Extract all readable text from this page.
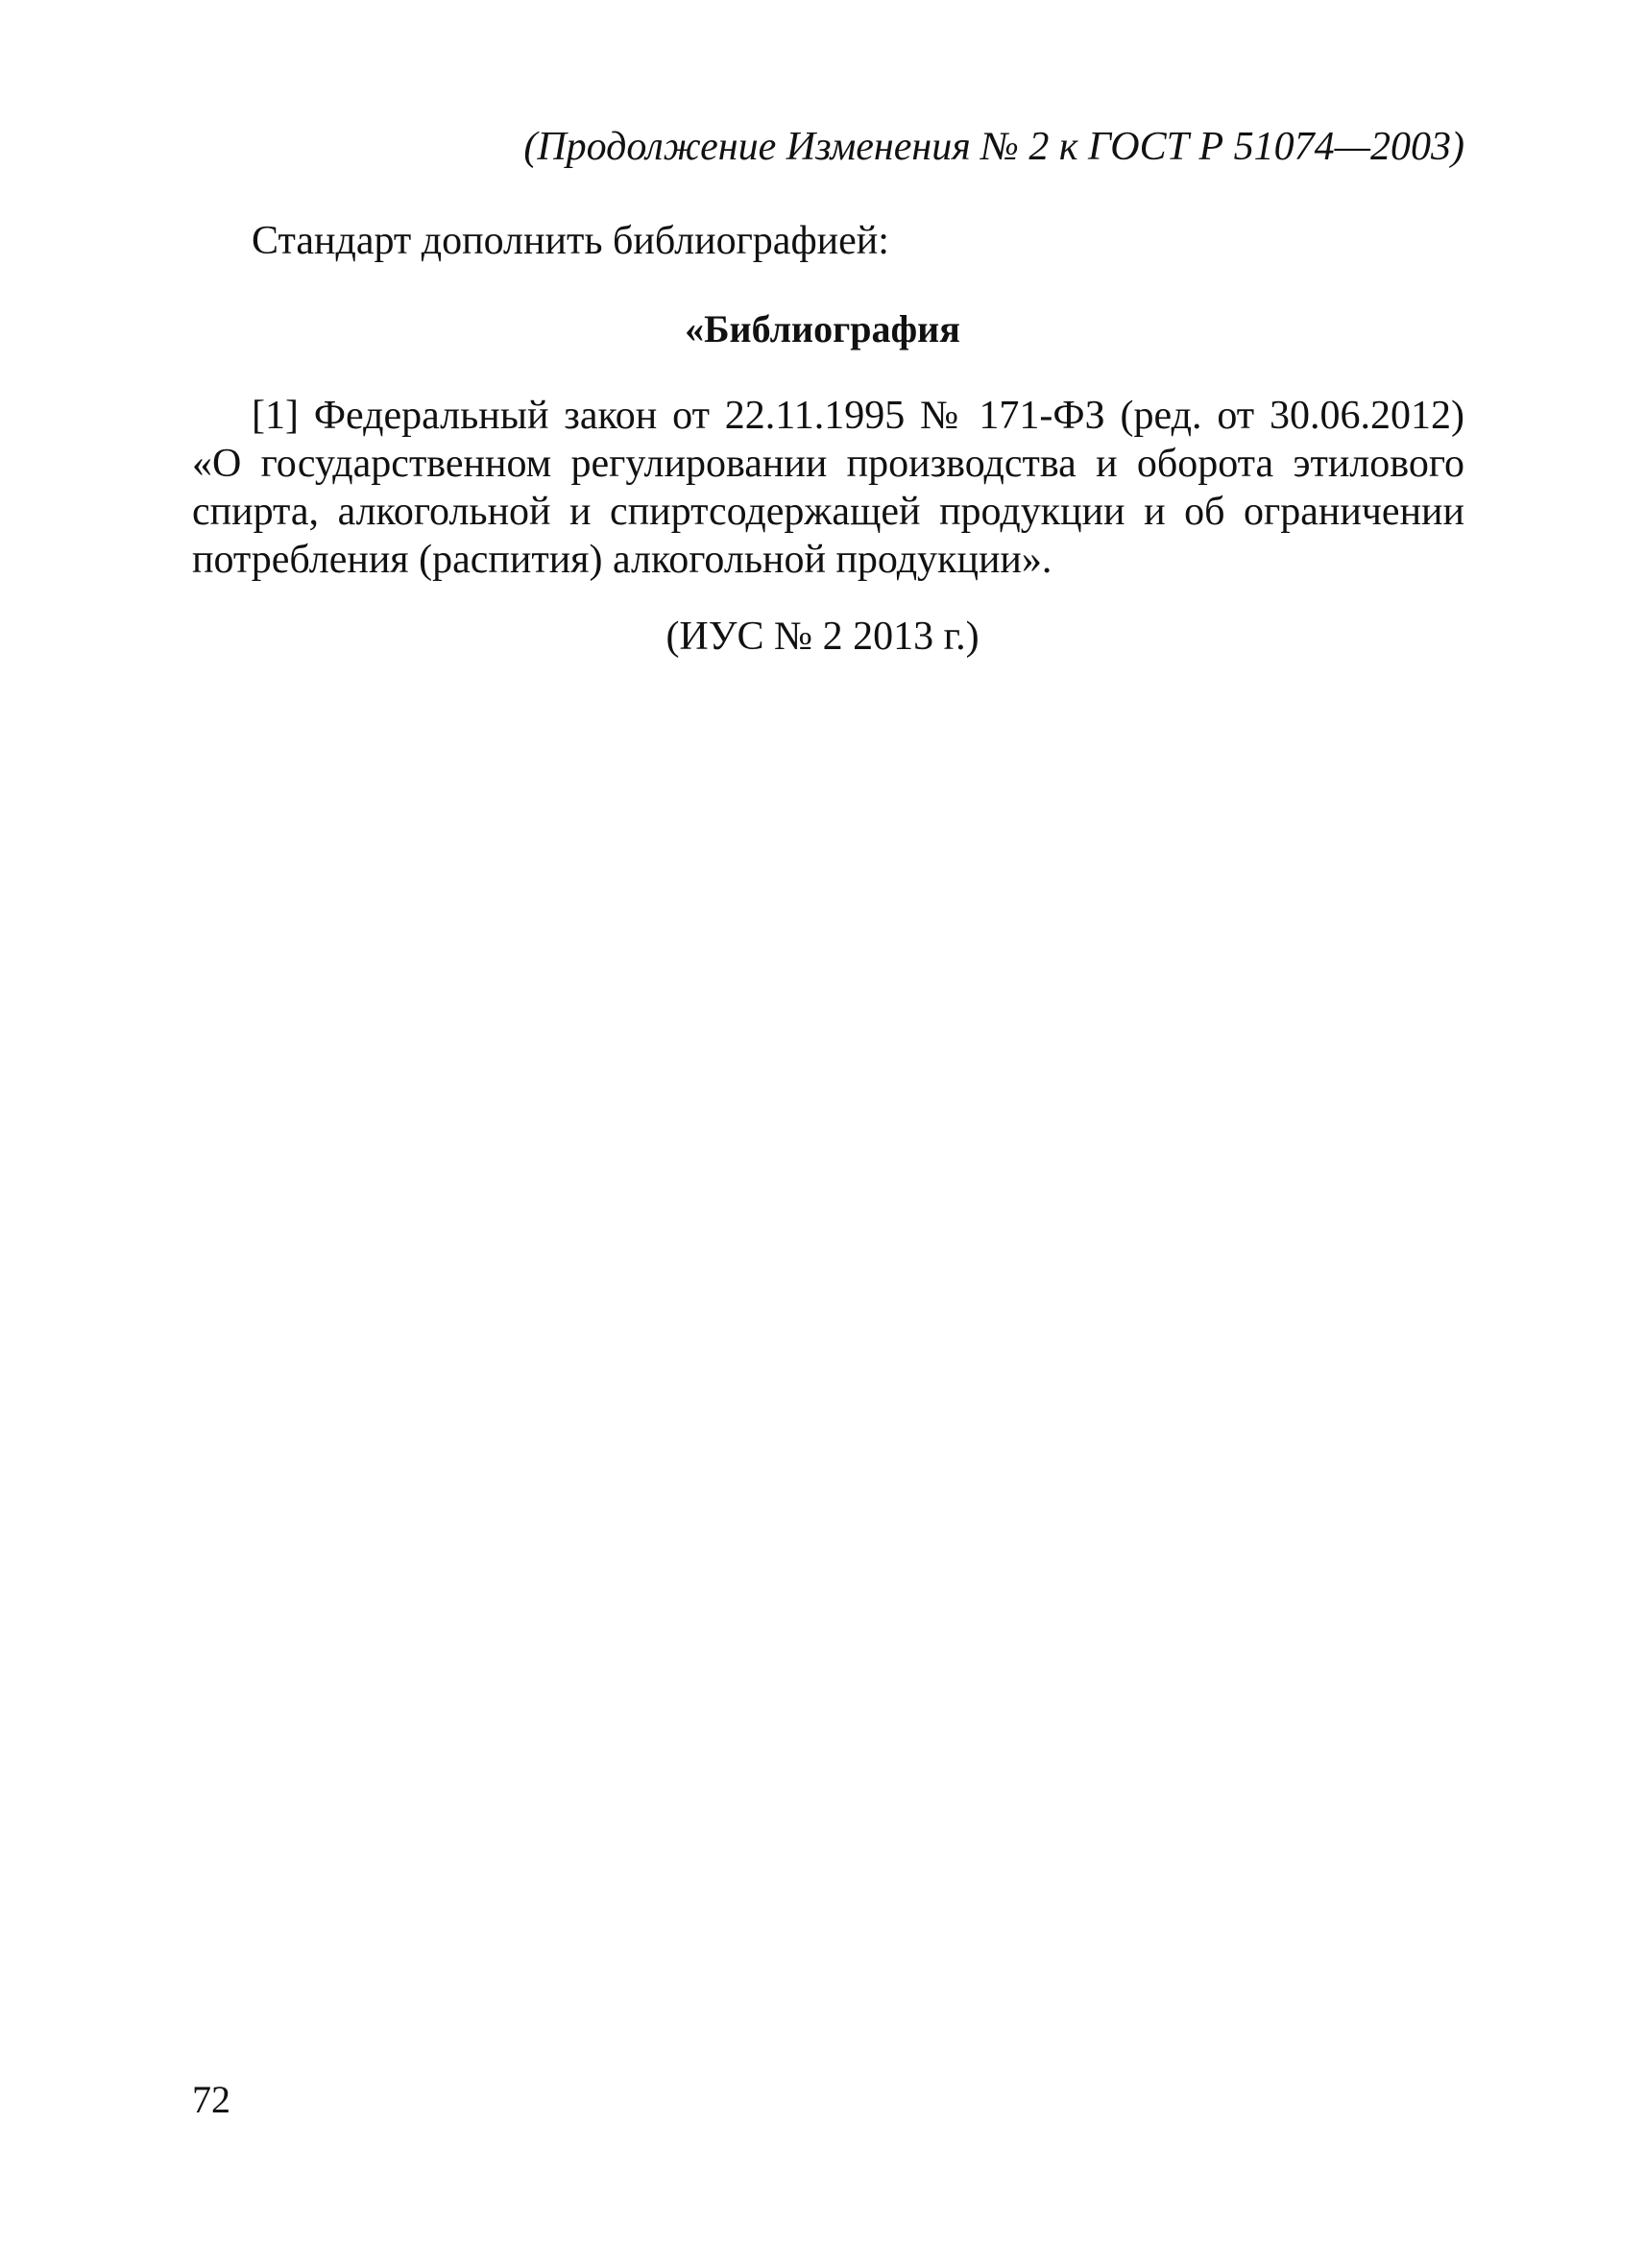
(Продолжение Изменения № 2 к ГОСТ Р 51074—2003)
Стандарт дополнить библиографией:
«Библиография
[1] Федеральный закон от 22.11.1995 № 171-ФЗ (ред. от 30.06.2012)
«О государственном регулировании производства и оборота этилового
спирта, алкогольной и спиртсодержащей продукции и об ограничении
потребления (распития) алкогольной продукции».
(ИУС № 2 2013 г.)
72
